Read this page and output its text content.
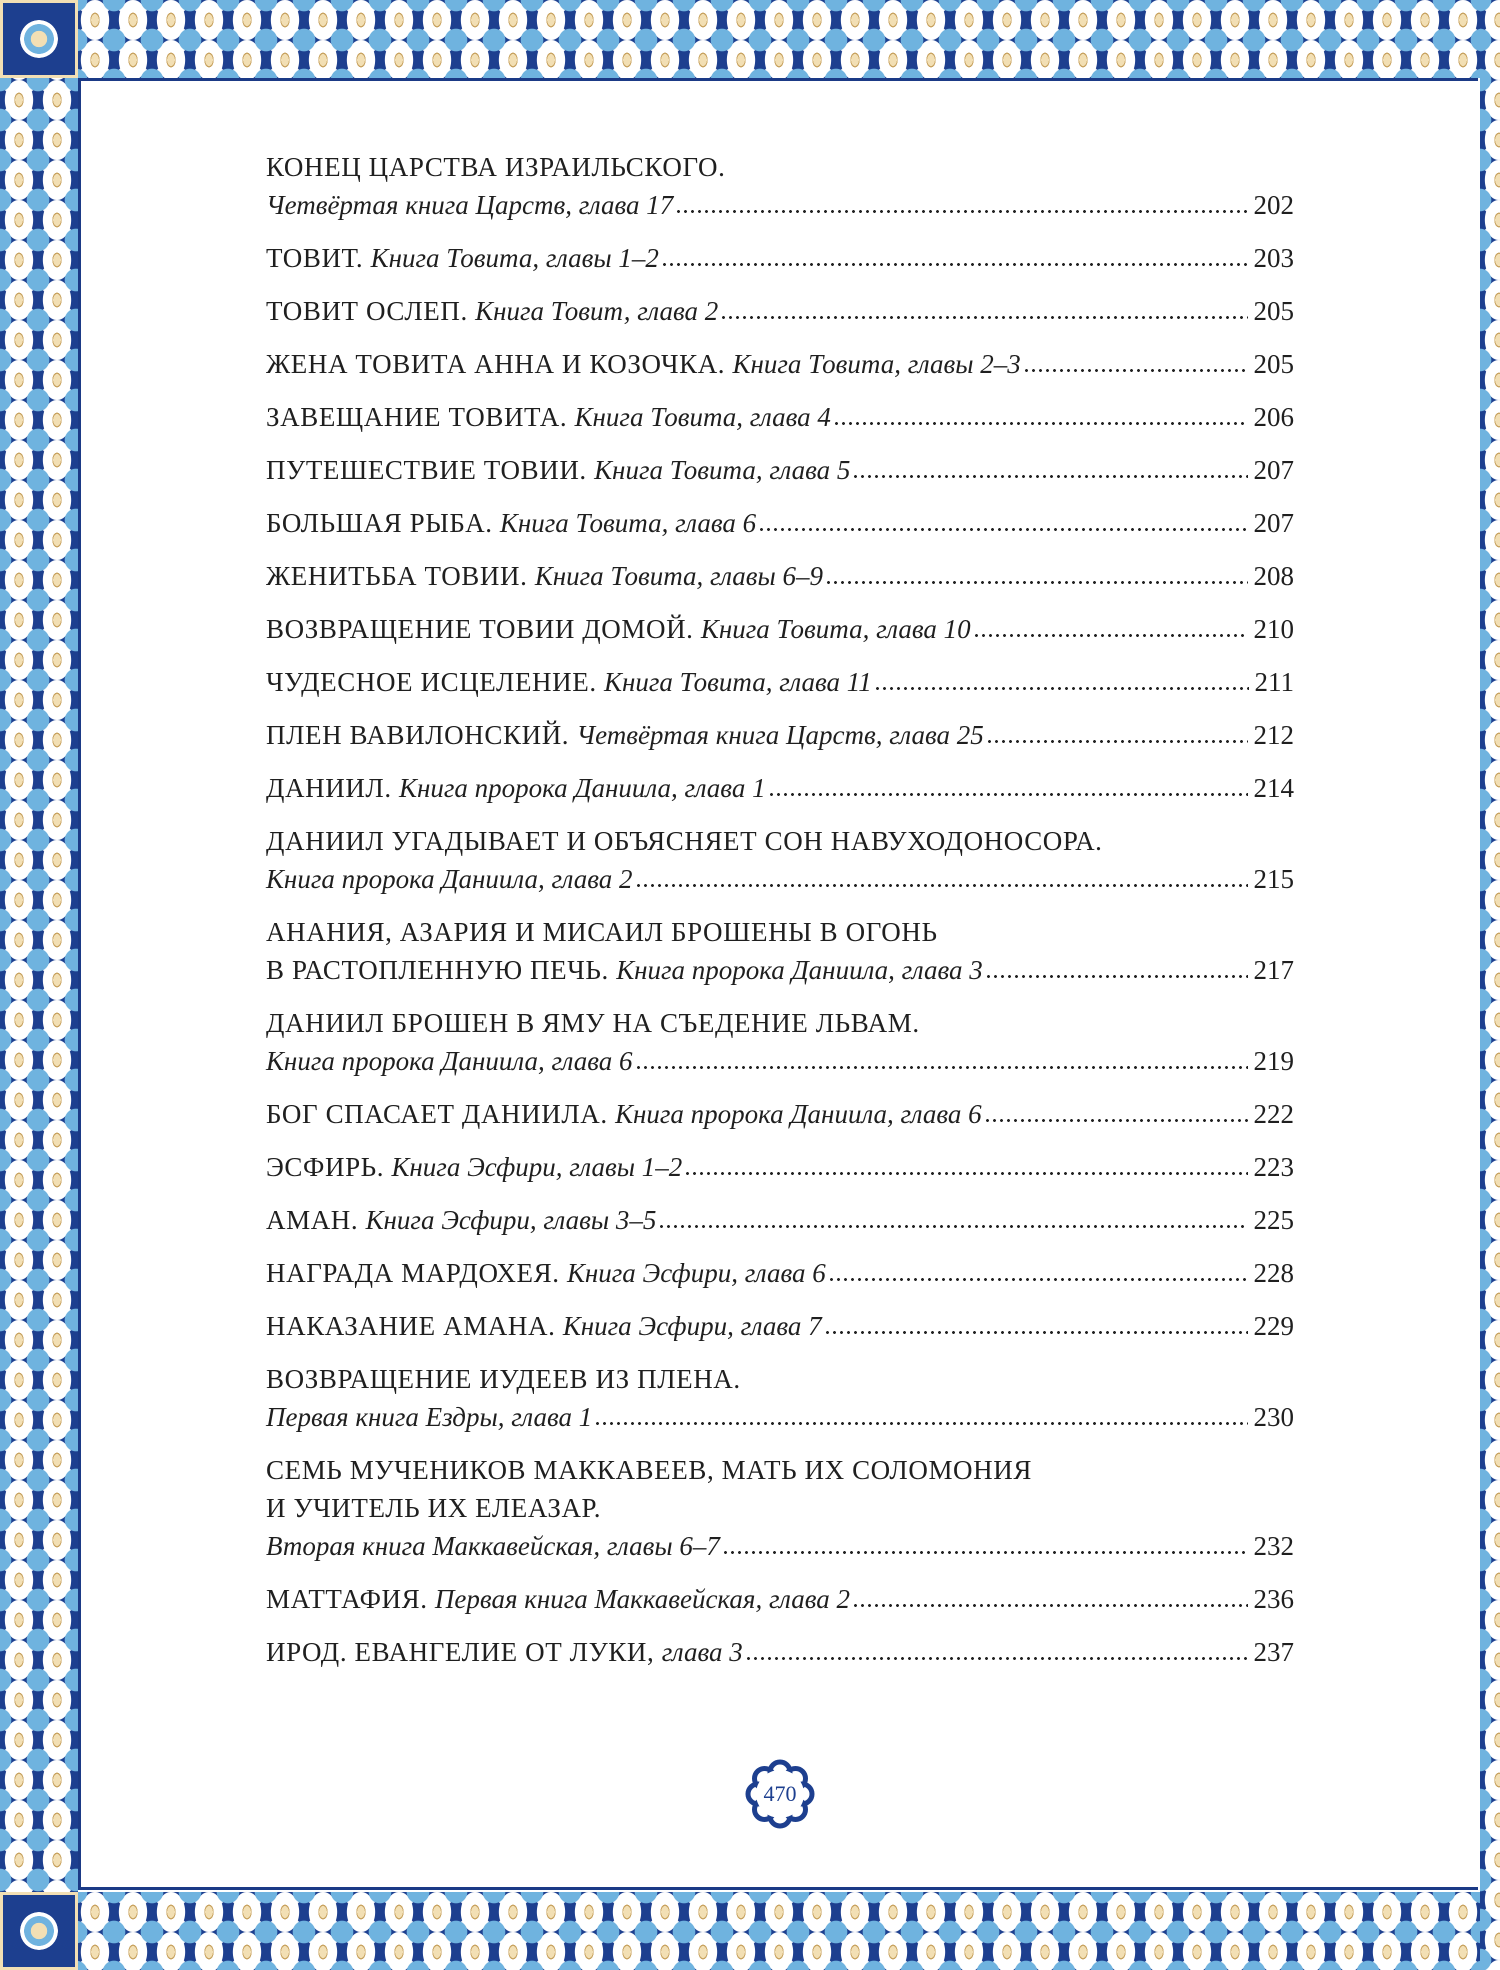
КОНЕЦ ЦАРСТВА ИЗРАИЛЬСКОГО.
Четвёртая книга Царств, глава 17	202
ТОВИТ. Книга Товита, главы 1–2	203
ТОВИТ ОСЛЕП. Книга Товит, глава 2	205
ЖЕНА ТОВИТА АННА И КОЗОЧКА. Книга Товита, главы 2–3	205
ЗАВЕЩАНИЕ ТОВИТА. Книга Товита, глава 4	206
ПУТЕШЕСТВИЕ ТОВИИ. Книга Товита, глава 5	207
БОЛЬШАЯ РЫБА. Книга Товита, глава 6	207
ЖЕНИТЬБА ТОВИИ. Книга Товита, главы 6–9	208
ВОЗВРАЩЕНИЕ ТОВИИ ДОМОЙ. Книга Товита, глава 10	210
ЧУДЕСНОЕ ИСЦЕЛЕНИЕ. Книга Товита, глава 11	211
ПЛЕН ВАВИЛОНСКИЙ. Четвёртая книга Царств, глава 25	212
ДАНИИЛ. Книга пророка Даниила, глава 1	214
ДАНИИЛ УГАДЫВАЕТ И ОБЪЯСНЯЕТ СОН НАВУХОДОНОСОРА.
Книга пророка Даниила, глава 2	215
АНАНИЯ, АЗАРИЯ И МИСАИЛ БРОШЕНЫ В ОГОНЬ
В РАСТОПЛЕННУЮ ПЕЧЬ. Книга пророка Даниила, глава 3	217
ДАНИИЛ БРОШЕН В ЯМУ НА СЪЕДЕНИЕ ЛЬВАМ.
Книга пророка Даниила, глава 6	219
БОГ СПАСАЕТ ДАНИИЛА. Книга пророка Даниила, глава 6	222
ЭСФИРЬ. Книга Эсфири, главы 1–2	223
АМАН. Книга Эсфири, главы 3–5	225
НАГРАДА МАРДОХЕЯ. Книга Эсфири, глава 6	228
НАКАЗАНИЕ АМАНА. Книга Эсфири, глава 7	229
ВОЗВРАЩЕНИЕ ИУДЕЕВ ИЗ ПЛЕНА.
Первая книга Ездры, глава 1	230
СЕМЬ МУЧЕНИКОВ МАККАВЕЕВ, МАТЬ ИХ СОЛОМОНИЯ
И УЧИТЕЛЬ ИХ ЕЛЕАЗАР.
Вторая книга Маккавейская, главы 6–7	232
МАТТАФИЯ. Первая книга Маккавейская, глава 2	236
ИРОД. ЕВАНГЕЛИЕ ОТ ЛУКИ, глава 3	237
470
